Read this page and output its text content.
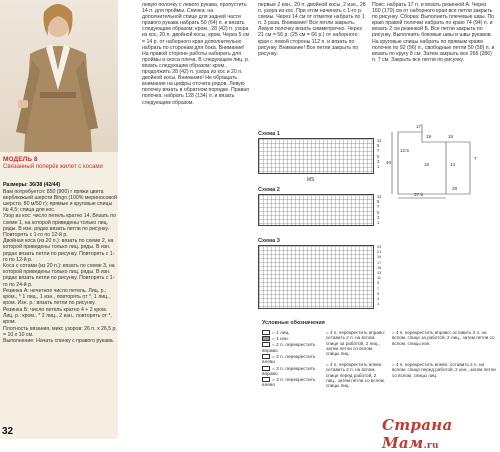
МОДЕЛЬ 8
Связанный поперёк жилет с косами

Размеры: 36/38 (42/44)

Вам потребуется: 850 (900) г пряжи цвета верблюжьей шерсти Bingo (100% мериносовой шерсти, 80 м/50 г); прямые и круговые спицы № 4,5; спица для кос.

Узор из кос: число петель кратно 14. Вязать по схеме 1, на которой приведены только лиц. ряды. В изн. рядах вязать петли по рисунку. Повторять с 1-го по 12-й р.

Двойная коса (из 20 п.): вязать по схеме 2, на которой приведены только лиц. ряды. В изн. рядах вязать петли по рисунку. Повторять с 1-го по 12-й р.

Коса с сотами (из 20 п.): вязать по схеме 3, на которой приведены только лиц. ряды. В изн. рядах вязать петли по рисунку. Повторять с 1-го по 24-й р.

Резинка А: нечетное число петель. Лиц. р.: кром., * 1 лиц., 1 изн., повторять от *, 1 лиц., кром. Изн. р.: вязать петли по рисунку.

Резинка Б: число петель кратно 4 + 2 кром. Лиц. р.: кром., * 2 лиц., 2 изн., повторять от *, кром.

Плотность вязания, микс узоров: 26 п. х 26,5 р. = 10 х 10 см.

Выполнение: Начать спинку с правого рукава.

32

левую полочку с левого рукава, пропустить 14 п. для проймы. Спинка: на дополнительной спице для задней части правого рукава набрать 50 (64) п. и вязать следующим образом: кром., 28 (42) п. узора из кос, 20 п. двойной косы, кром. Через 5 см = 14 р. от наборного края дополнительно набрать по сторонам для бока. Внимание! На правой стороне работы набирать для проймы и скоса плеча. В следующем лиц. р. вязать следующим образом: кром., продолжить 28 (42) п. узора из кос и 20 п. двойной косы. Внимание! Не обращать внимания на цифры отсчета рядов. Левую полочку вязать в обратном порядке. Правая полочка: набрать 128 (134) п. и вязать следующим образом.

первые 2 изн., 20 п. двойной косы, 2 изн., 28 п. узора из кос. При этом начинать с 1-го р. схемы. Через 14 см от отметки набрать по 1 п. 3 раза. Внимание! Все петли закрыть. Левую полочку вязать симметрично. Через 21 см = 56 р. (25 см = 66 р.) от наборного края с левой стороны 112 п. и вязать по рисунку. Внимание! Все петли закрыть по рисунку.

Пояс: набрать 17 п. и вязать резинкой А. Через 160 (170) см от наборного края все петли закрыть по рисунку. Сборка: Выполнить плечевые швы. По краю правой полочки набрать по краю 74 (94) п. и вязать 2 см резинкой Б. Все петли закрыть по рисунку. Выполнить боковые швы и швы рукавов. На круговые спицы набрать по прямым краям полочек по 92 (96) п., свободные петли 50 (58) п. и вязать по кругу 8 см. Затем закрыть все 266 (286) п. 7 см. Закрыть все петли по рисунку.

17
40
19	15
12.5
14
18
7
37.5
28
Схема 1
11
9
7
5
3
1
MS
Схема 2
11
9
7
5
3
1
Схема 3
23
21
19
17
15
13
11
9
7
5
3
1
Условные обозначения
= 1 лиц.
= 1 изн.
= 2 п. перекрестить вправо
= 2 п. перекрестить влево
= 3 п. перекрестить вправо
= 3 п. перекрестить влево
= 4 п. перекрестить вправо: оставить 2 п. на вспом. спице за работой, 2 лиц., затем петли со вспом. спицы лиц.
= 4 п. перекрестить влево: оставить 2 п. на вспом. спице перед работой, 2 лиц., затем петли со вспом. спицы лиц.
= 4 п. перекрестить вправо: оставить 2 п. на вспом. спице за работой, 2 лиц., затем петли со вспом. спицы изн.
= 4 п. перекрестить влево: оставить 2 п. на вспом. спице перед работой, 2 изн., затем петли со вспом. спицы лиц.
Страна Мам.ru
